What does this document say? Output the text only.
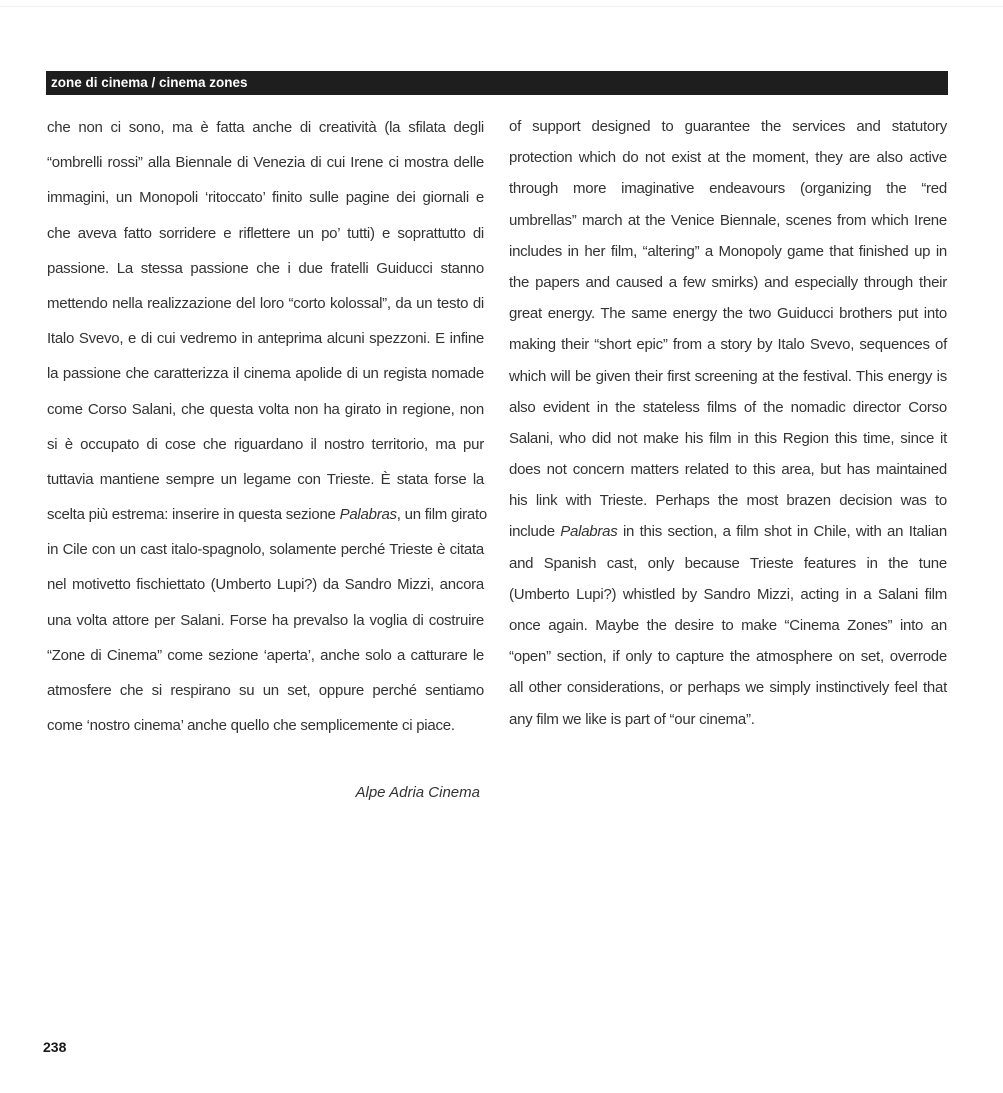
zone di cinema / cinema zones
che non ci sono, ma è fatta anche di creatività (la sfilata degli
“ombrelli rossi” alla Biennale di Venezia di cui Irene ci mostra delle
immagini, un Monopoli ‘ritoccato’ finito sulle pagine dei giornali e
che aveva fatto sorridere e riflettere un po’ tutti) e soprattutto di
passione. La stessa passione che i due fratelli Guiducci stanno
mettendo nella realizzazione del loro “corto kolossal”, da un testo di
Italo Svevo, e di cui vedremo in anteprima alcuni spezzoni. E infine
la passione che caratterizza il cinema apolide di un regista nomade
come Corso Salani, che questa volta non ha girato in regione, non
si è occupato di cose che riguardano il nostro territorio, ma pur
tuttavia mantiene sempre un legame con Trieste. È stata forse la
scelta più estrema: inserire in questa sezione Palabras, un film girato
in Cile con un cast italo-spagnolo, solamente perché Trieste è citata
nel motivetto fischiettato (Umberto Lupi?) da Sandro Mizzi, ancora
una volta attore per Salani. Forse ha prevalso la voglia di costruire
“Zone di Cinema” come sezione ‘aperta’, anche solo a catturare le
atmosfere che si respirano su un set, oppure perché sentiamo
come ‘nostro cinema’ anche quello che semplicemente ci piace.
of support designed to guarantee the services and statutory
protection which do not exist at the moment, they are also active
through more imaginative endeavours (organizing the “red
umbrellas” march at the Venice Biennale, scenes from which Irene
includes in her film, “altering” a Monopoly game that finished up in
the papers and caused a few smirks) and especially through their
great energy. The same energy the two Guiducci brothers put into
making their “short epic” from a story by Italo Svevo, sequences of
which will be given their first screening at the festival. This energy is
also evident in the stateless films of the nomadic director Corso
Salani, who did not make his film in this Region this time, since it
does not concern matters related to this area, but has maintained
his link with Trieste. Perhaps the most brazen decision was to
include Palabras in this section, a film shot in Chile, with an Italian
and Spanish cast, only because Trieste features in the tune
(Umberto Lupi?) whistled by Sandro Mizzi, acting in a Salani film
once again. Maybe the desire to make “Cinema Zones” into an
“open” section, if only to capture the atmosphere on set, overrode
all other considerations, or perhaps we simply instinctively feel that
any film we like is part of “our cinema”.
Alpe Adria Cinema
238
